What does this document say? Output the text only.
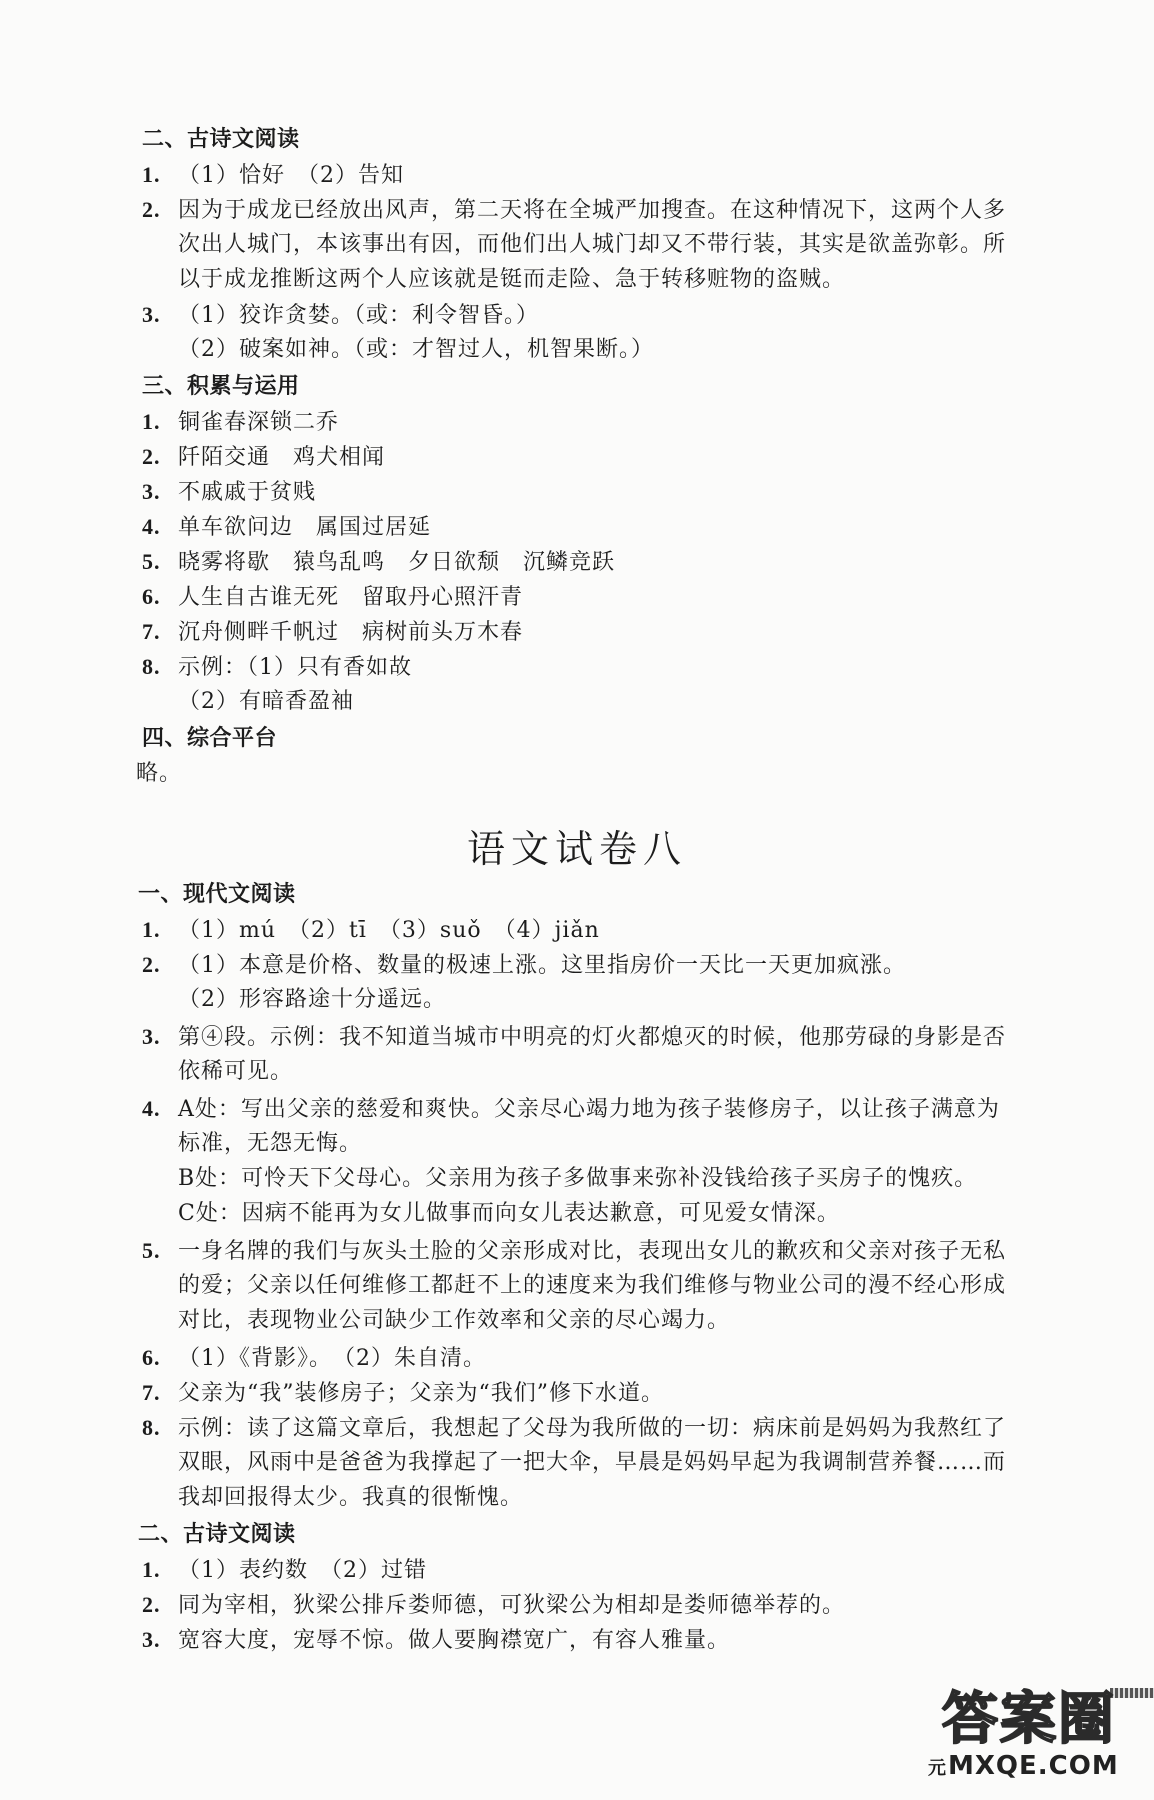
二、古诗文阅读
1. （1）恰好　（2）告知
2. 因为于成龙已经放出风声，第二天将在全城严加搜查。在这种情况下，这两个人多
次出人城门，本该事出有因，而他们出人城门却又不带行装，其实是欲盖弥彰。所
以于成龙推断这两个人应该就是铤而走险、急于转移赃物的盗贼。
3. （1）狡诈贪婪。（或：利令智昏。）
（2）破案如神。（或：才智过人，机智果断。）
三、积累与运用
1. 铜雀春深锁二乔
2. 阡陌交通　鸡犬相闻
3. 不戚戚于贫贱
4. 单车欲问边　属国过居延
5. 晓雾将歇　猿鸟乱鸣　夕日欲颓　沉鳞竞跃
6. 人生自古谁无死　留取丹心照汗青
7. 沉舟侧畔千帆过　病树前头万木春
8. 示例：（1）只有香如故
（2）有暗香盈袖
四、综合平台
略。
语文试卷八
一、现代文阅读
1. （1）mú　（2）tī　（3）suǒ　（4）jiǎn
2. （1）本意是价格、数量的极速上涨。这里指房价一天比一天更加疯涨。
（2）形容路途十分遥远。
3. 第④段。示例：我不知道当城市中明亮的灯火都熄灭的时候，他那劳碌的身影是否
依稀可见。
4. A处：写出父亲的慈爱和爽快。父亲尽心竭力地为孩子装修房子，以让孩子满意为
标准，无怨无悔。
B处：可怜天下父母心。父亲用为孩子多做事来弥补没钱给孩子买房子的愧疚。
C处：因病不能再为女儿做事而向女儿表达歉意，可见爱女情深。
5. 一身名牌的我们与灰头土脸的父亲形成对比，表现出女儿的歉疚和父亲对孩子无私
的爱；父亲以任何维修工都赶不上的速度来为我们维修与物业公司的漫不经心形成
对比，表现物业公司缺少工作效率和父亲的尽心竭力。
6. （1）《背影》。　（2）朱自清。
7. 父亲为“我”装修房子；父亲为“我们”修下水道。
8. 示例：读了这篇文章后，我想起了父母为我所做的一切：病床前是妈妈为我熬红了
双眼，风雨中是爸爸为我撑起了一把大伞，早晨是妈妈早起为我调制营养餐……而
我却回报得太少。我真的很惭愧。
二、古诗文阅读
1. （1）表约数　（2）过错
2. 同为宰相，狄梁公排斥娄师德，可狄梁公为相却是娄师德举荐的。
3. 宽容大度，宠辱不惊。做人要胸襟宽广，有容人雅量。
元
答案圈
MXQE.COM
